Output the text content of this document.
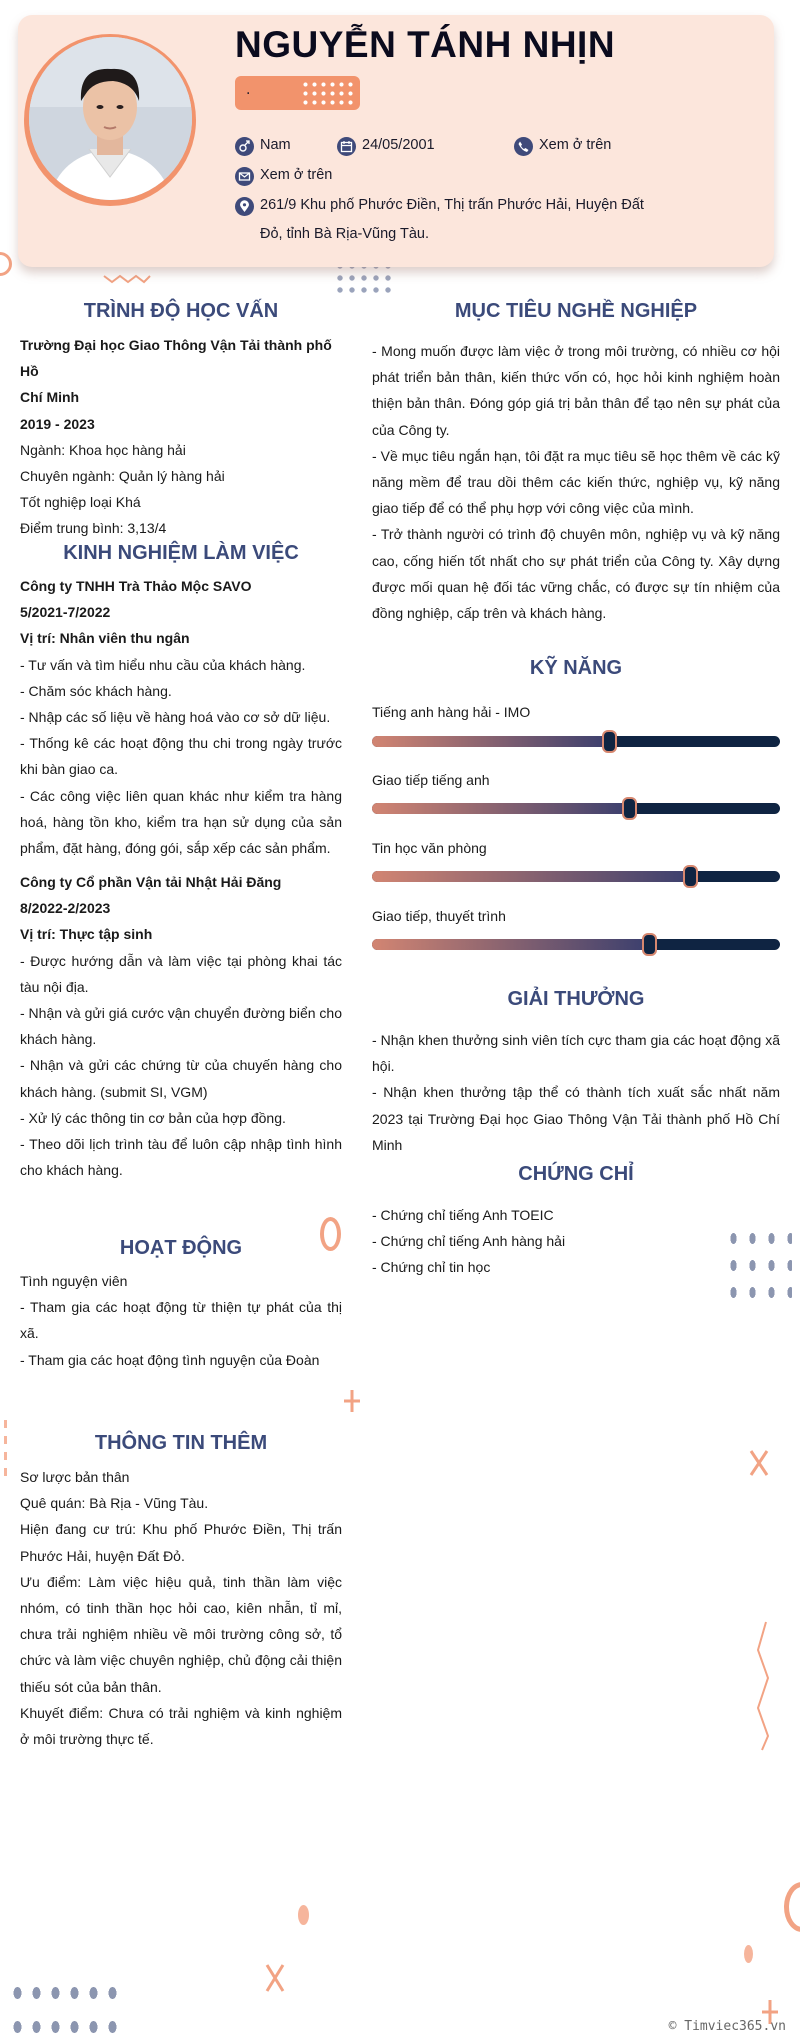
NGUYỄN TÁNH NHỊN
.
Nam	24/05/2001	Xem ở trên
Xem ở trên
261/9 Khu phố Phước Điền, Thị trấn Phước Hải, Huyện Đất
Đỏ, tỉnh Bà Rịa-Vũng Tàu.
TRÌNH ĐỘ HỌC VẤN

Trường Đại học Giao Thông Vận Tải thành phố Hồ

Chí Minh

2019 - 2023

Ngành: Khoa học hàng hải

Chuyên ngành: Quản lý hàng hải

Tốt nghiệp loại Khá

Điểm trung bình: 3,13/4

KINH NGHIỆM LÀM VIỆC

Công ty TNHH Trà Thảo Mộc SAVO

5/2021-7/2022

Vị trí: Nhân viên thu ngân

- Tư vấn và tìm hiểu nhu cầu của khách hàng.

- Chăm sóc khách hàng.

- Nhập các số liệu về hàng hoá vào cơ sở dữ liệu.

- Thống kê các hoạt động thu chi trong ngày trước khi bàn giao ca.

- Các công việc liên quan khác như kiểm tra hàng hoá, hàng tồn kho, kiểm tra hạn sử dụng của sản phẩm, đặt hàng, đóng gói, sắp xếp các sản phẩm.

Công ty Cổ phần Vận tải Nhật Hải Đăng

8/2022-2/2023

Vị trí: Thực tập sinh

- Được hướng dẫn và làm việc tại phòng khai tác tàu nội địa.

- Nhận và gửi giá cước vận chuyển đường biển cho khách hàng.

- Nhận và gửi các chứng từ của chuyến hàng cho khách hàng. (submit SI, VGM)

- Xử lý các thông tin cơ bản của hợp đồng.

- Theo dõi lịch trình tàu để luôn cập nhập tình hình cho khách hàng.

HOẠT ĐỘNG

Tình nguyện viên

- Tham gia các hoạt động từ thiện tự phát của thị xã.

- Tham gia các hoạt động tình nguyện của Đoàn

THÔNG TIN THÊM

Sơ lược bản thân

Quê quán: Bà Rịa - Vũng Tàu.

Hiện đang cư trú: Khu phố Phước Điền, Thị trấn Phước Hải, huyện Đất Đỏ.

Ưu điểm: Làm việc hiệu quả, tinh thần làm việc nhóm, có tinh thần học hỏi cao, kiên nhẫn, tỉ mỉ, chưa trải nghiệm nhiều về môi trường công sở, tổ chức và làm việc chuyên nghiệp, chủ động cải thiện thiếu sót của bản thân.

Khuyết điểm: Chưa có trải nghiệm và kinh nghiệm ở môi trường thực tế.

MỤC TIÊU NGHỀ NGHIỆP

- Mong muốn được làm việc ở trong môi trường, có nhiều cơ hội phát triển bản thân, kiến thức vốn có, học hỏi kinh nghiệm hoàn thiện bản thân. Đóng góp giá trị bản thân để tạo nên sự phát của của Công ty.

- Về mục tiêu ngắn hạn, tôi đặt ra mục tiêu sẽ học thêm về các kỹ năng mềm để trau dồi thêm các kiến thức, nghiệp vụ, kỹ năng giao tiếp để có thể phụ hợp với công việc của mình.

- Trở thành người có trình độ chuyên môn, nghiệp vụ và kỹ năng cao, cống hiến tốt nhất cho sự phát triển của Công ty. Xây dựng được mối quan hệ đối tác vững chắc, có được sự tín nhiệm của đồng nghiệp, cấp trên và khách hàng.

KỸ NĂNG
Tiếng anh hàng hải - IMO
Giao tiếp tiếng anh
Tin học văn phòng
Giao tiếp, thuyết trình
GIẢI THƯỞNG

- Nhận khen thưởng sinh viên tích cực tham gia các hoạt động xã hội.

- Nhận khen thưởng tập thể có thành tích xuất sắc nhất năm 2023 tại Trường Đại học Giao Thông Vận Tải thành phố Hồ Chí Minh

CHỨNG CHỈ

- Chứng chỉ tiếng Anh TOEIC

- Chứng chỉ tiếng Anh hàng hải

- Chứng chỉ tin học

© Timviec365.vn
